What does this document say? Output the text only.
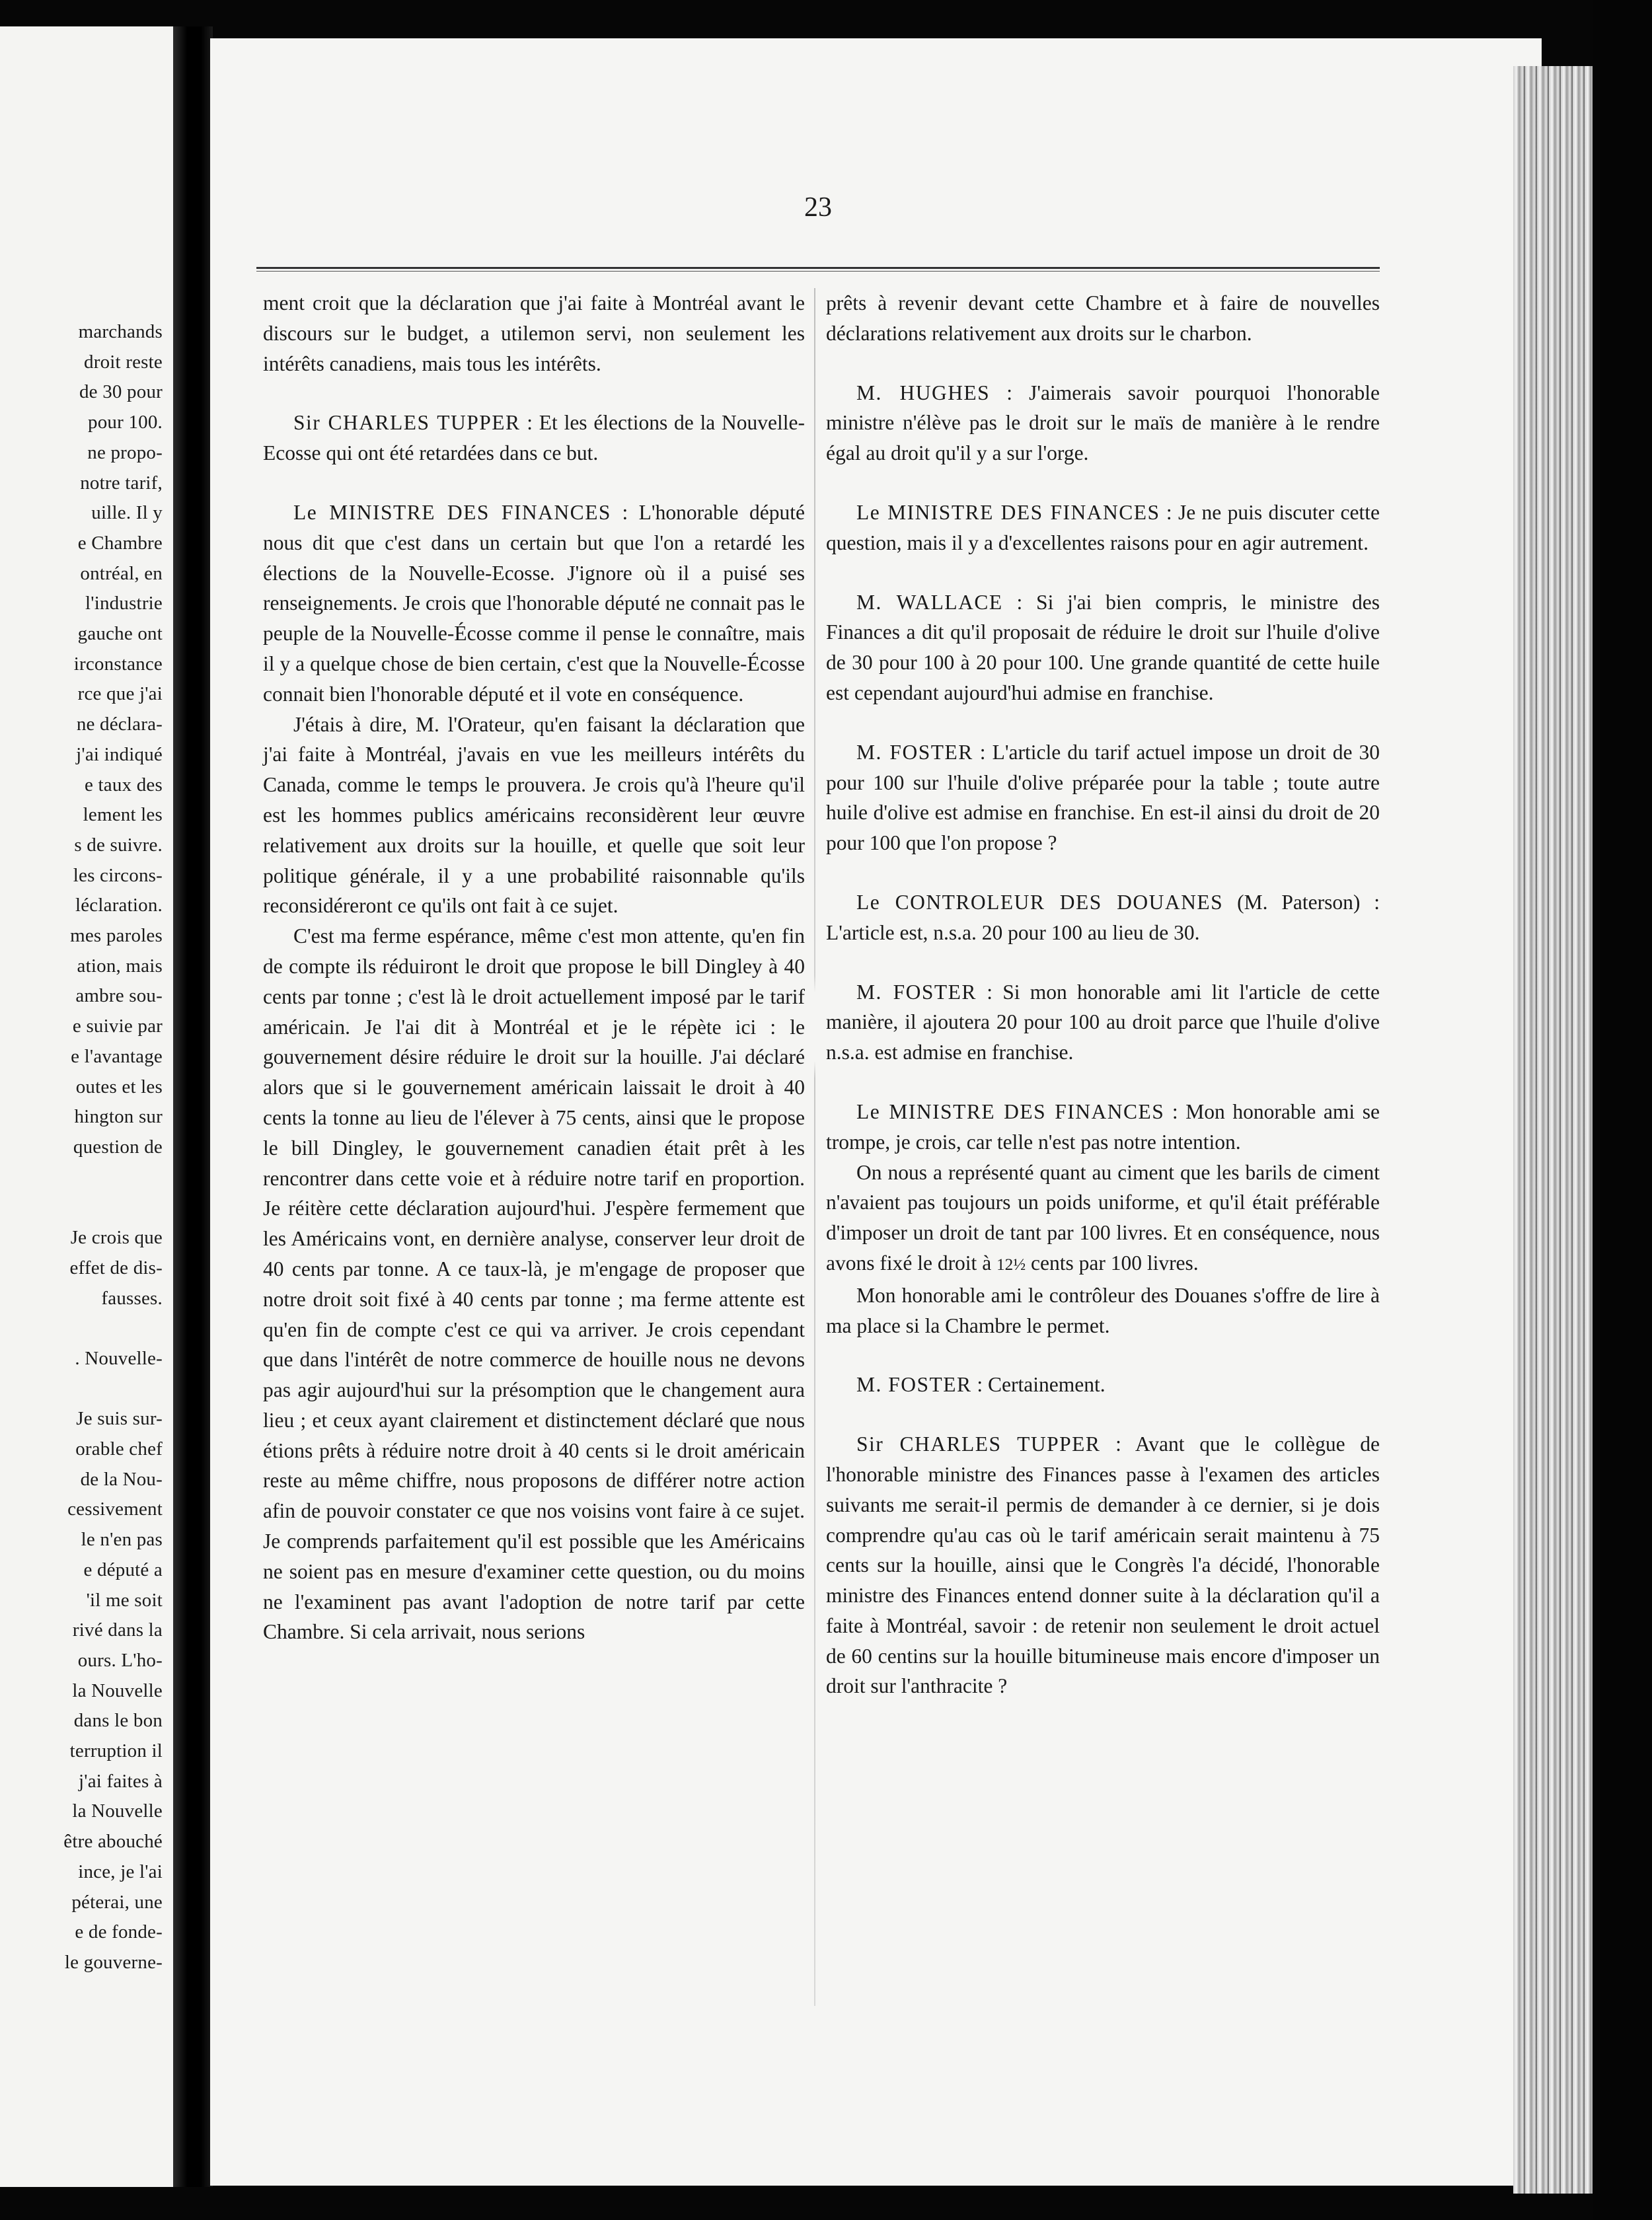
marchands
droit reste
de 30 pour
pour 100.
ne propo-
notre tarif,
uille. Il y
e Chambre
ontréal, en
l'industrie
gauche ont
irconstance
rce que j'ai
ne déclara-
j'ai indiqué
e taux des
lement les
s de suivre.
les circons-
léclaration.
mes paroles
ation, mais
ambre sou-
e suivie par
e l'avantage
outes et les
hington sur
question de

Je crois que
effet de dis-
fausses.

. Nouvelle-

Je suis sur-
orable chef
de la Nou-
cessivement
le n'en pas
e député a
'il me soit
rivé dans la
ours. L'ho-
la Nouvelle
dans le bon
terruption il
j'ai faites à
la Nouvelle
être abouché
ince, je l'ai
péterai, une
e de fonde-
le gouverne-
23

ment croit que la déclaration que j'ai faite à Montréal avant le discours sur le budget, a utilemon servi, non seulement les intérêts canadiens, mais tous les intérêts.

Sir CHARLES TUPPER : Et les élections de la Nouvelle-Ecosse qui ont été retardées dans ce but.

Le MINISTRE DES FINANCES : L'honorable député nous dit que c'est dans un certain but que l'on a retardé les élections de la Nouvelle-Ecosse. J'ignore où il a puisé ses renseignements. Je crois que l'honorable député ne connait pas le peuple de la Nouvelle-Écosse comme il pense le connaître, mais il y a quelque chose de bien certain, c'est que la Nouvelle-Écosse connait bien l'honorable député et il vote en conséquence.

J'étais à dire, M. l'Orateur, qu'en faisant la déclaration que j'ai faite à Montréal, j'avais en vue les meilleurs intérêts du Canada, comme le temps le prouvera. Je crois qu'à l'heure qu'il est les hommes publics américains reconsidèrent leur œuvre relativement aux droits sur la houille, et quelle que soit leur politique générale, il y a une probabilité raisonnable qu'ils reconsidéreront ce qu'ils ont fait à ce sujet.

C'est ma ferme espérance, même c'est mon attente, qu'en fin de compte ils réduiront le droit que propose le bill Dingley à 40 cents par tonne ; c'est là le droit actuellement imposé par le tarif américain. Je l'ai dit à Montréal et je le répète ici : le gouvernement désire réduire le droit sur la houille. J'ai déclaré alors que si le gouvernement américain laissait le droit à 40 cents la tonne au lieu de l'élever à 75 cents, ainsi que le propose le bill Dingley, le gouvernement canadien était prêt à les rencontrer dans cette voie et à réduire notre tarif en proportion. Je réitère cette déclaration aujourd'hui. J'espère fermement que les Américains vont, en dernière analyse, conserver leur droit de 40 cents par tonne. A ce taux-là, je m'engage de proposer que notre droit soit fixé à 40 cents par tonne ; ma ferme attente est qu'en fin de compte c'est ce qui va arriver. Je crois cependant que dans l'intérêt de notre commerce de houille nous ne devons pas agir aujourd'hui sur la présomption que le changement aura lieu ; et ceux ayant clairement et distinctement déclaré que nous étions prêts à réduire notre droit à 40 cents si le droit américain reste au même chiffre, nous proposons de différer notre action afin de pouvoir constater ce que nos voisins vont faire à ce sujet. Je comprends parfaitement qu'il est possible que les Américains ne soient pas en mesure d'examiner cette question, ou du moins ne l'examinent pas avant l'adoption de notre tarif par cette Chambre. Si cela arrivait, nous serions

prêts à revenir devant cette Chambre et à faire de nouvelles déclarations relativement aux droits sur le charbon.

M. HUGHES : J'aimerais savoir pourquoi l'honorable ministre n'élève pas le droit sur le maïs de manière à le rendre égal au droit qu'il y a sur l'orge.

Le MINISTRE DES FINANCES : Je ne puis discuter cette question, mais il y a d'excellentes raisons pour en agir autrement.

M. WALLACE : Si j'ai bien compris, le ministre des Finances a dit qu'il proposait de réduire le droit sur l'huile d'olive de 30 pour 100 à 20 pour 100. Une grande quantité de cette huile est cependant aujourd'hui admise en franchise.

M. FOSTER : L'article du tarif actuel impose un droit de 30 pour 100 sur l'huile d'olive préparée pour la table ; toute autre huile d'olive est admise en franchise. En est-il ainsi du droit de 20 pour 100 que l'on propose ?

Le CONTROLEUR DES DOUANES (M. Paterson) : L'article est, n.s.a. 20 pour 100 au lieu de 30.

M. FOSTER : Si mon honorable ami lit l'article de cette manière, il ajoutera 20 pour 100 au droit parce que l'huile d'olive n.s.a. est admise en franchise.

Le MINISTRE DES FINANCES : Mon honorable ami se trompe, je crois, car telle n'est pas notre intention.

On nous a représenté quant au ciment que les barils de ciment n'avaient pas toujours un poids uniforme, et qu'il était préférable d'imposer un droit de tant par 100 livres. Et en conséquence, nous avons fixé le droit à 12½ cents par 100 livres.

Mon honorable ami le contrôleur des Douanes s'offre de lire à ma place si la Chambre le permet.

M. FOSTER : Certainement.

Sir CHARLES TUPPER : Avant que le collègue de l'honorable ministre des Finances passe à l'examen des articles suivants me serait-il permis de demander à ce dernier, si je dois comprendre qu'au cas où le tarif américain serait maintenu à 75 cents sur la houille, ainsi que le Congrès l'a décidé, l'honorable ministre des Finances entend donner suite à la déclaration qu'il a faite à Montréal, savoir : de retenir non seulement le droit actuel de 60 centins sur la houille bitumineuse mais encore d'imposer un droit sur l'anthracite ?
